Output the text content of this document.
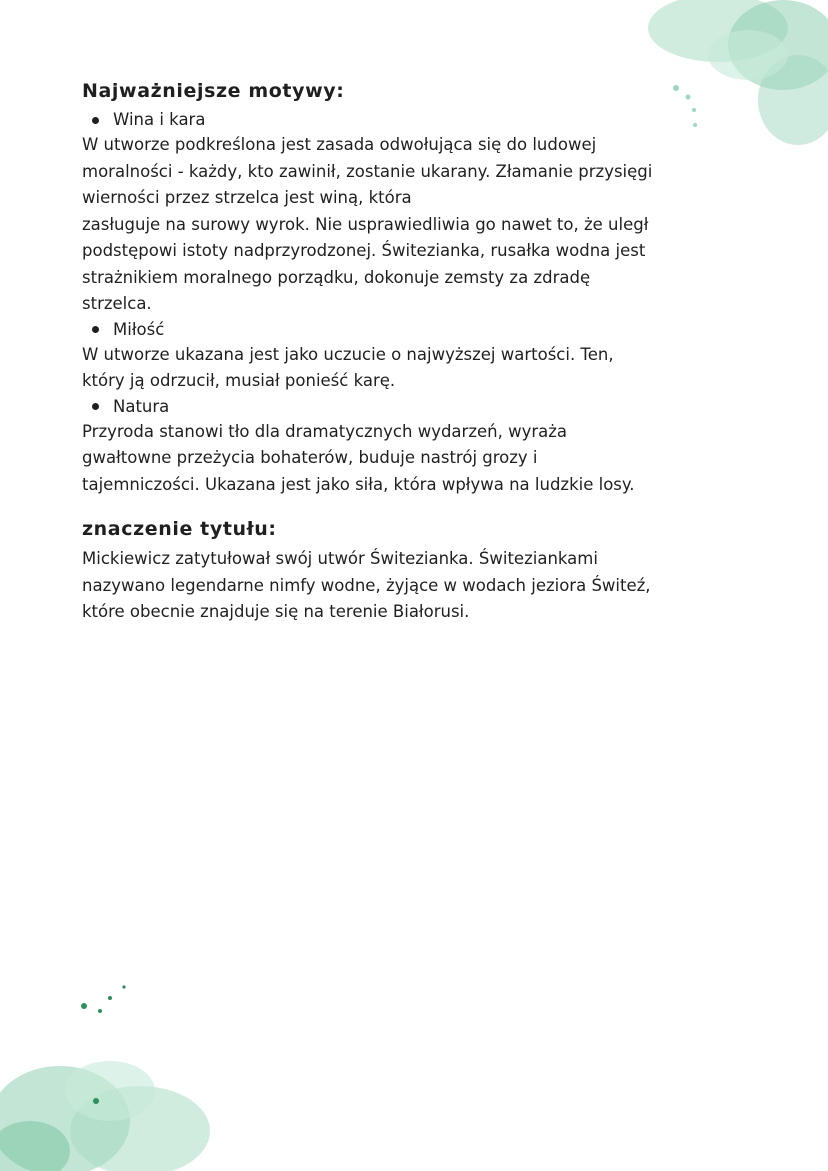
Najważniejsze motywy:
Wina i kara
W utworze podkreślona jest zasada odwołująca się do ludowej
moralności - każdy, kto zawinił, zostanie ukarany. Złamanie przysięgi
wierności przez strzelca jest winą, która
zasługuje na surowy wyrok. Nie usprawiedliwia go nawet to, że uległ
podstępowi istoty nadprzyrodzonej. Świtezianka, rusałka wodna jest
strażnikiem moralnego porządku, dokonuje zemsty za zdradę
strzelca.
Miłość
W utworze ukazana jest jako uczucie o najwyższej wartości. Ten,
który ją odrzucił, musiał ponieść karę.
Natura
Przyroda stanowi tło dla dramatycznych wydarzeń, wyraża
gwałtowne przeżycia bohaterów, buduje nastrój grozy i
tajemniczości. Ukazana jest jako siła, która wpływa na ludzkie losy.
znaczenie tytułu:
Mickiewicz zatytułował swój utwór Świtezianka. Świteziankami
nazywano legendarne nimfy wodne, żyjące w wodach jeziora Świteź,
które obecnie znajduje się na terenie Białorusi.
